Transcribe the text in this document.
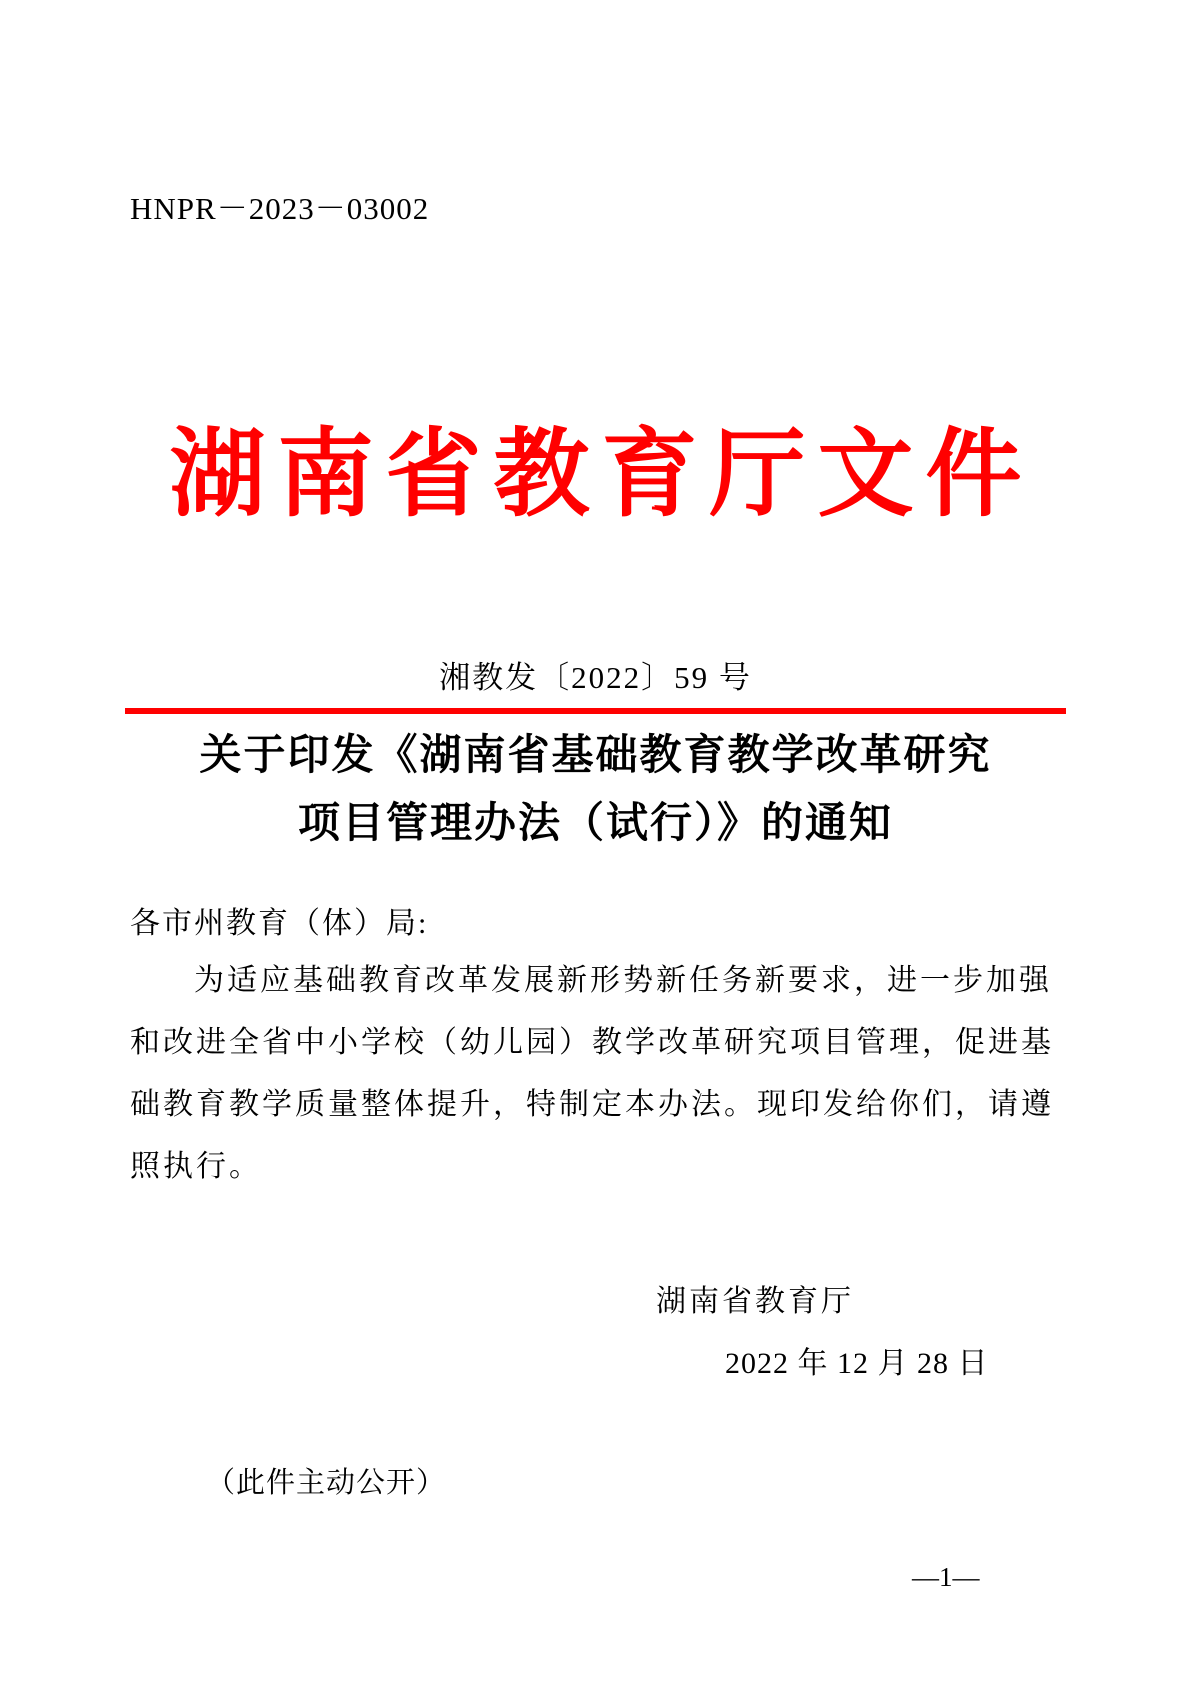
HNPR－2023－03002
湖南省教育厅文件
湘教发〔2022〕59 号
关于印发《湖南省基础教育教学改革研究
项目管理办法（试行）》的通知
各市州教育（体）局:
为适应基础教育改革发展新形势新任务新要求，进一步加强
和改进全省中小学校（幼儿园）教学改革研究项目管理，促进基
础教育教学质量整体提升，特制定本办法。现印发给你们，请遵
照执行。
湖南省教育厅
2022 年 12 月 28 日
（此件主动公开）
—1—
